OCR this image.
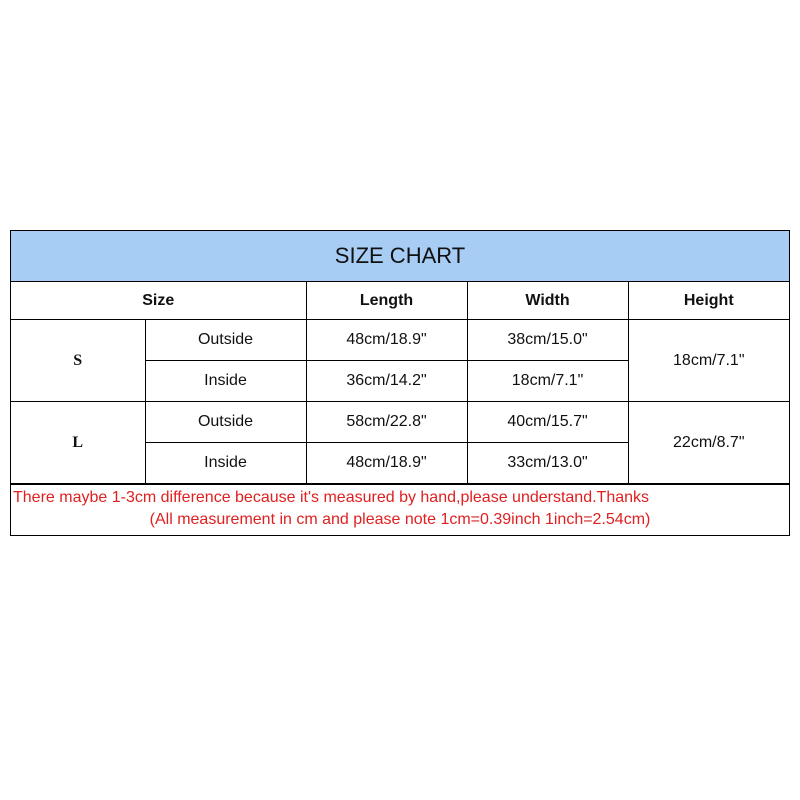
SIZE CHART
Size		Length	Width	Height
S	Outside	48cm/18.9"	38cm/15.0"	18cm/7.1"
	Inside	36cm/14.2"	18cm/7.1"	
L	Outside	58cm/22.8"	40cm/15.7"	22cm/8.7"
	Inside	48cm/18.9"	33cm/13.0"	
There maybe 1-3cm difference because it's measured by hand,please understand.Thanks
(All measurement in cm and please note 1cm=0.39inch 1inch=2.54cm)
